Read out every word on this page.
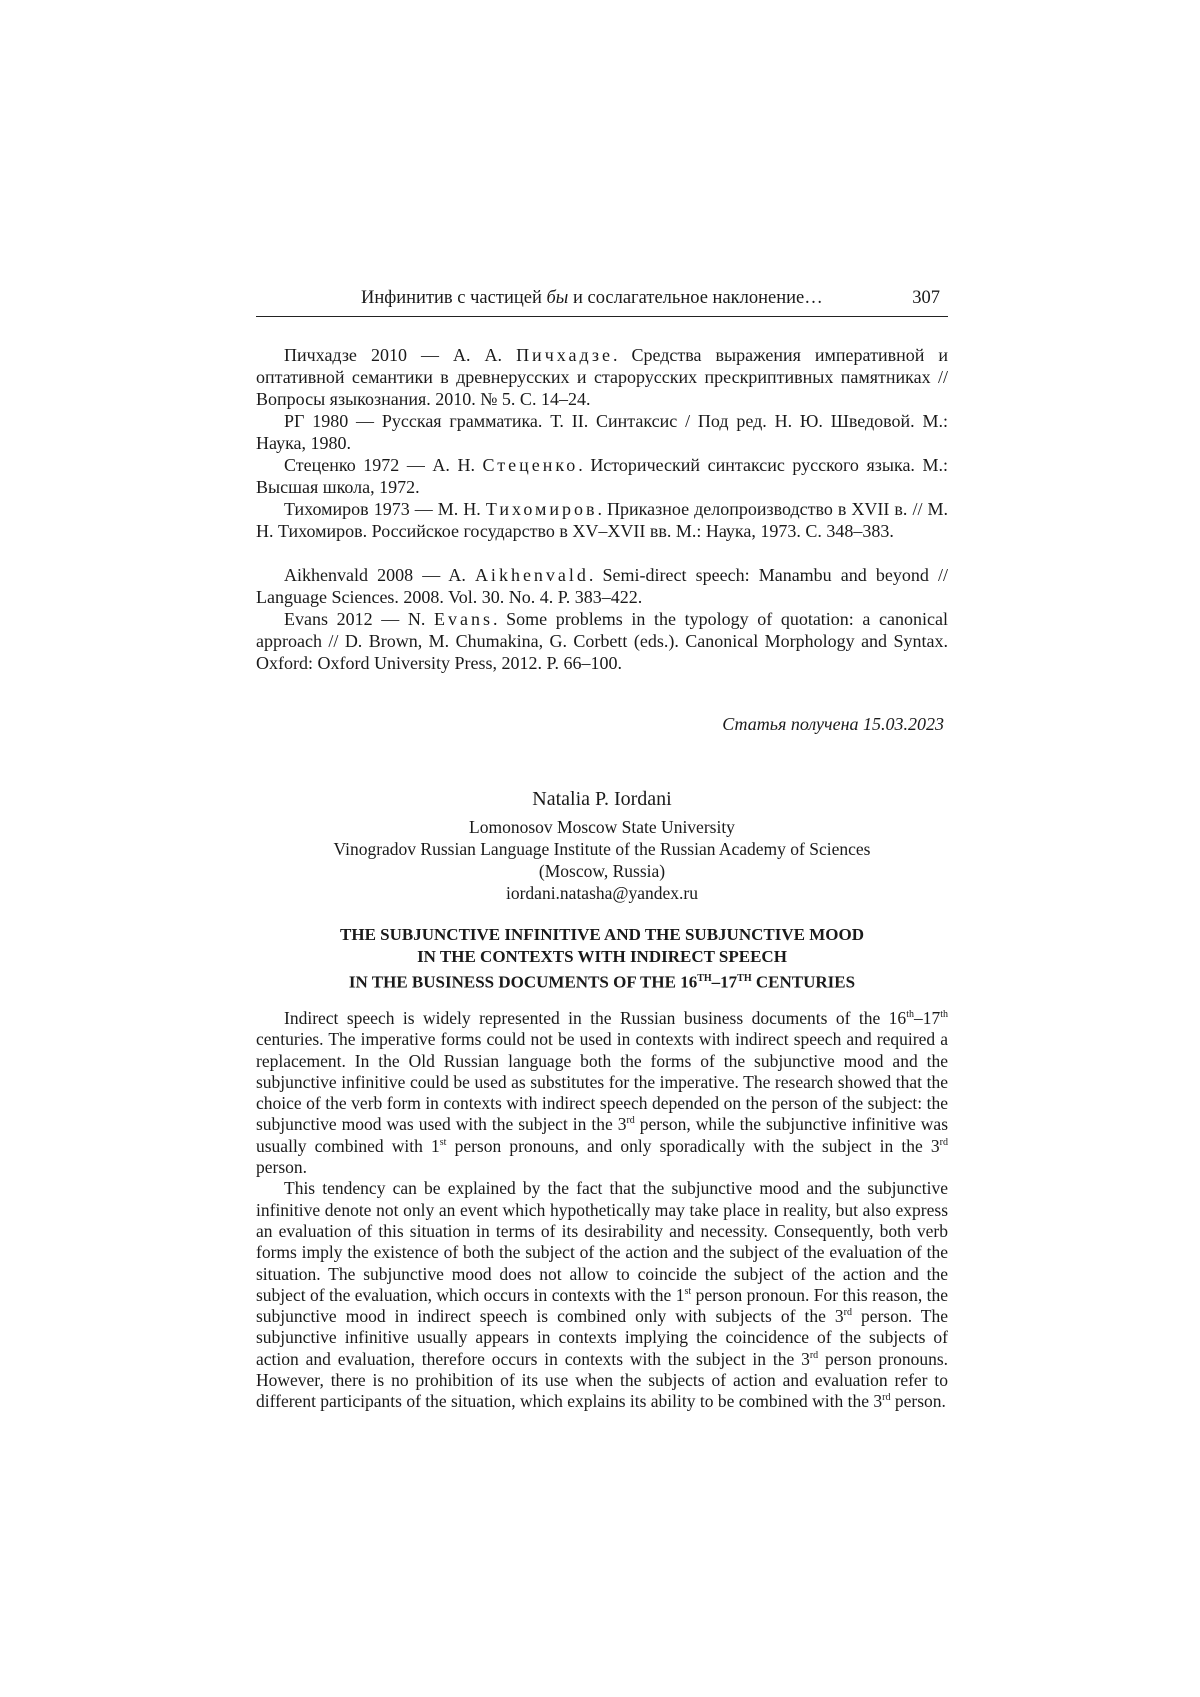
Инфинитив с частицей бы и сослагательное наклонение…	307

Пичхадзе 2010 — А. А. Пичхадзе. Средства выражения императивной и оптативной семантики в древнерусских и старорусских прескриптивных памятниках // Вопросы языкознания. 2010. № 5. С. 14–24.

РГ 1980 — Русская грамматика. Т. II. Синтаксис / Под ред. Н. Ю. Шведовой. М.: Наука, 1980.

Стеценко 1972 — А. Н. Стеценко. Исторический синтаксис русского языка. М.: Высшая школа, 1972.

Тихомиров 1973 — М. Н. Тихомиров. Приказное делопроизводство в XVII в. // М. Н. Тихомиров. Российское государство в XV–XVII вв. М.: Наука, 1973. С. 348–383.

Aikhenvald 2008 — A. Aikhenvald. Semi-direct speech: Manambu and beyond // Language Sciences. 2008. Vol. 30. No. 4. P. 383–422.

Evans 2012 — N. Evans. Some problems in the typology of quotation: a canonical approach // D. Brown, M. Chumakina, G. Corbett (eds.). Canonical Morphology and Syntax. Oxford: Oxford University Press, 2012. P. 66–100.

Статья получена 15.03.2023
Natalia P. Iordani
Lomonosov Moscow State University
Vinogradov Russian Language Institute of the Russian Academy of Sciences
(Moscow, Russia)
iordani.natasha@yandex.ru
THE SUBJUNCTIVE INFINITIVE AND THE SUBJUNCTIVE MOOD
IN THE CONTEXTS WITH INDIRECT SPEECH
IN THE BUSINESS DOCUMENTS OF THE 16TH–17TH CENTURIES

Indirect speech is widely represented in the Russian business documents of the 16th–17th centuries. The imperative forms could not be used in contexts with indirect speech and required a replacement. In the Old Russian language both the forms of the subjunctive mood and the subjunctive infinitive could be used as substitutes for the imperative. The research showed that the choice of the verb form in contexts with indirect speech depended on the person of the subject: the subjunctive mood was used with the subject in the 3rd person, while the subjunctive infinitive was usually combined with 1st person pronouns, and only sporadically with the subject in the 3rd person.

This tendency can be explained by the fact that the subjunctive mood and the subjunctive infinitive denote not only an event which hypothetically may take place in reality, but also express an evaluation of this situation in terms of its desirability and necessity. Consequently, both verb forms imply the existence of both the subject of the action and the subject of the evaluation of the situation. The subjunctive mood does not allow to coincide the subject of the action and the subject of the evaluation, which occurs in contexts with the 1st person pronoun. For this reason, the subjunctive mood in indirect speech is combined only with subjects of the 3rd person. The subjunctive infinitive usually appears in contexts implying the coincidence of the subjects of action and evaluation, therefore occurs in contexts with the subject in the 3rd person pronouns. However, there is no prohibition of its use when the subjects of action and evaluation refer to different participants of the situation, which explains its ability to be combined with the 3rd person.
